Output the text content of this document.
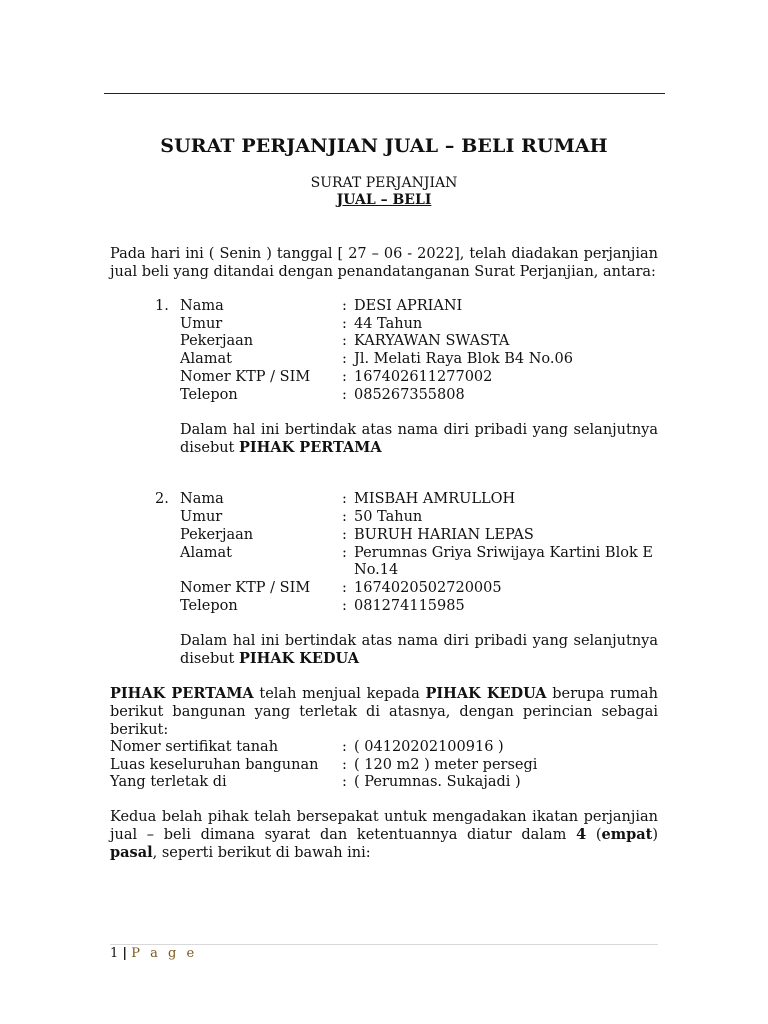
SURAT PERJANJIAN JUAL – BELI RUMAH
SURAT PERJANJIAN
JUAL – BELI
Pada hari ini ( Senin ) tanggal [ 27 – 06 - 2022], telah diadakan perjanjian jual beli yang ditandai dengan penandatanganan Surat Perjanjian, antara:
1. Nama	: DESI APRIANI
Umur	: 44 Tahun
Pekerjaan	: KARYAWAN SWASTA
Alamat	: Jl. Melati Raya Blok B4 No.06
Nomer KTP / SIM : 167402611277002
Telepon	: 085267355808
Dalam hal ini bertindak atas nama diri pribadi yang selanjutnya disebut PIHAK PERTAMA
2. Nama	: MISBAH AMRULLOH
Umur	: 50 Tahun
Pekerjaan	: BURUH HARIAN LEPAS
Alamat	: Perumnas Griya Sriwijaya Kartini Blok E
No.14
Nomer KTP / SIM : 1674020502720005
Telepon	: 081274115985
Dalam hal ini bertindak atas nama diri pribadi yang selanjutnya disebut PIHAK KEDUA
PIHAK PERTAMA telah menjual kepada PIHAK KEDUA berupa rumah berikut bangunan yang terletak di atasnya, dengan perincian sebagai berikut:
Nomer sertifikat tanah	: ( 04120202100916 )
Luas keseluruhan bangunan : ( 120 m2 ) meter persegi
Yang terletak di	: ( Perumnas. Sukajadi )
Kedua belah pihak telah bersepakat untuk mengadakan ikatan perjanjian jual – beli dimana syarat dan ketentuannya diatur dalam 4 (empat) pasal, seperti berikut di bawah ini:
1 | P a g e
